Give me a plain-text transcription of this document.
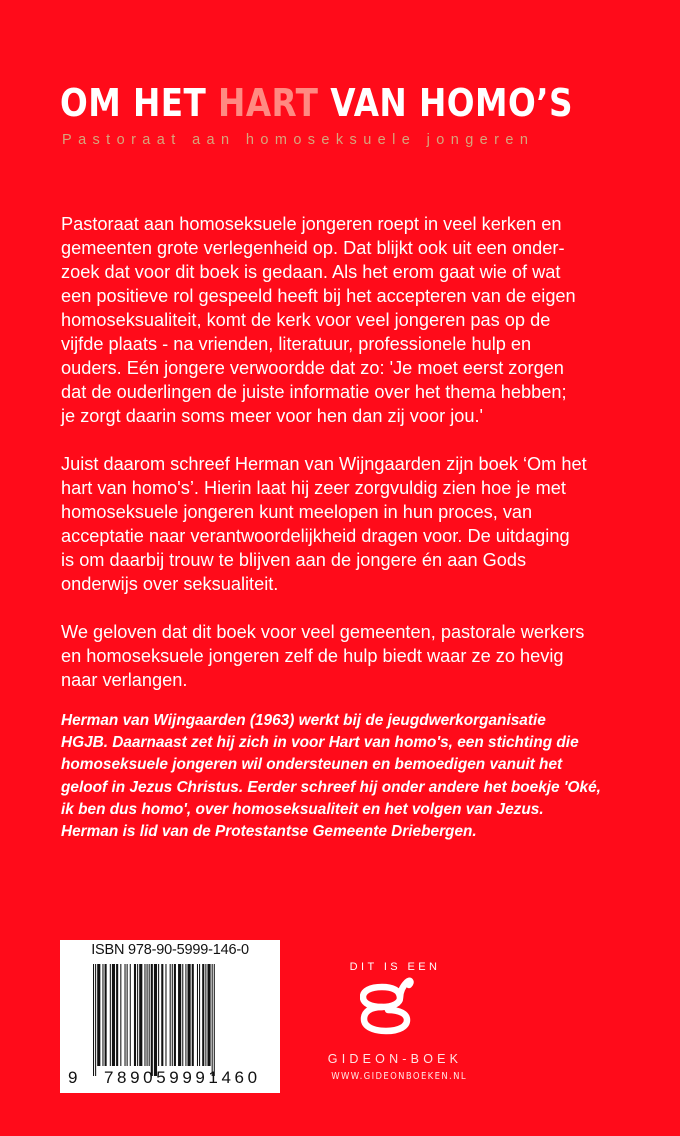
OM HET HART VAN HOMO’S
Pastoraat aan homoseksuele jongeren

Pastoraat aan homoseksuele jongeren roept in veel kerken en
gemeenten grote verlegenheid op. Dat blijkt ook uit een onder-
zoek dat voor dit boek is gedaan. Als het erom gaat wie of wat
een positieve rol gespeeld heeft bij het accepteren van de eigen
homoseksualiteit, komt de kerk voor veel jongeren pas op de
vijfde plaats - na vrienden, literatuur, professionele hulp en
ouders. Eén jongere verwoordde dat zo: 'Je moet eerst zorgen
dat de ouderlingen de juiste informatie over het thema hebben;
je zorgt daarin soms meer voor hen dan zij voor jou.'

Juist daarom schreef Herman van Wijngaarden zijn boek ‘Om het
hart van homo's’. Hierin laat hij zeer zorgvuldig zien hoe je met
homoseksuele jongeren kunt meelopen in hun proces, van
acceptatie naar verantwoordelijkheid dragen voor. De uitdaging
is om daarbij trouw te blijven aan de jongere én aan Gods
onderwijs over seksualiteit.

We geloven dat dit boek voor veel gemeenten, pastorale werkers
en homoseksuele jongeren zelf de hulp biedt waar ze zo hevig
naar verlangen.

Herman van Wijngaarden (1963) werkt bij de jeugdwerkorganisatie
HGJB. Daarnaast zet hij zich in voor Hart van homo's, een stichting die
homoseksuele jongeren wil ondersteunen en bemoedigen vanuit het
geloof in Jezus Christus. Eerder schreef hij onder andere het boekje 'Oké,
ik ben dus homo', over homoseksualiteit en het volgen van Jezus.
Herman is lid van de Protestantse Gemeente Driebergen.
ISBN 978-90-5999-146-0
9 789059991460
DIT IS EEN
GIDEON-BOEK
WWW.GIDEONBOEKEN.NL
